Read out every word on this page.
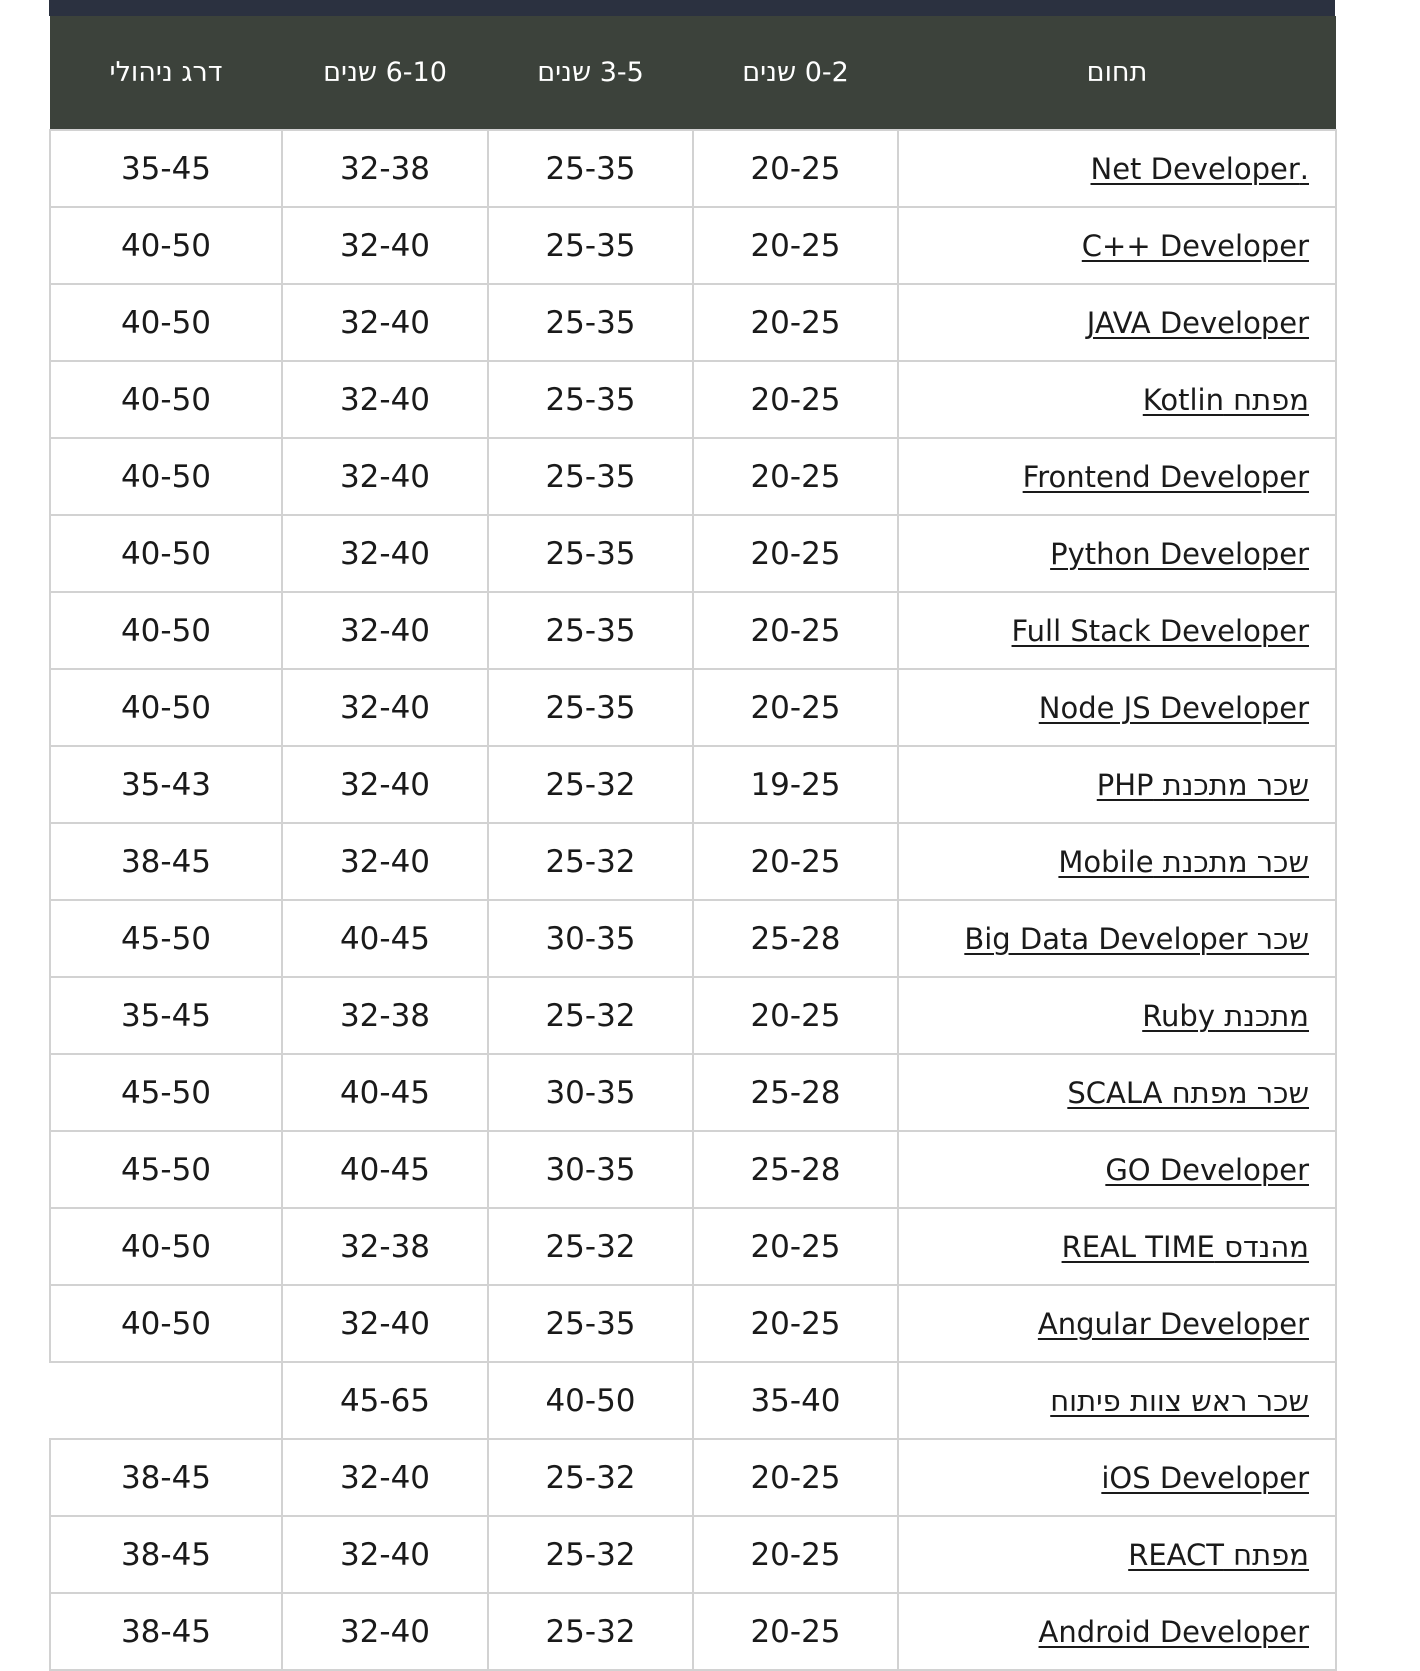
תחום	0-2 שנים	3-5 שנים	6-10 שנים	דרג ניהולי
.Net Developer	20-25	25-35	32-38	35-45
C++ Developer	20-25	25-35	32-40	40-50
JAVA Developer	20-25	25-35	32-40	40-50
מפתח Kotlin	20-25	25-35	32-40	40-50
Frontend Developer	20-25	25-35	32-40	40-50
Python Developer	20-25	25-35	32-40	40-50
Full Stack Developer	20-25	25-35	32-40	40-50
Node JS Developer	20-25	25-35	32-40	40-50
שכר מתכנת PHP	19-25	25-32	32-40	35-43
שכר מתכנת Mobile	20-25	25-32	32-40	38-45
שכר Big Data Developer	25-28	30-35	40-45	45-50
מתכנת Ruby	20-25	25-32	32-38	35-45
שכר מפתח SCALA	25-28	30-35	40-45	45-50
GO Developer	25-28	30-35	40-45	45-50
מהנדס REAL TIME	20-25	25-32	32-38	40-50
Angular Developer	20-25	25-35	32-40	40-50
שכר ראש צוות פיתוח	35-40	40-50	45-65	
iOS Developer	20-25	25-32	32-40	38-45
מפתח REACT	20-25	25-32	32-40	38-45
Android Developer	20-25	25-32	32-40	38-45
